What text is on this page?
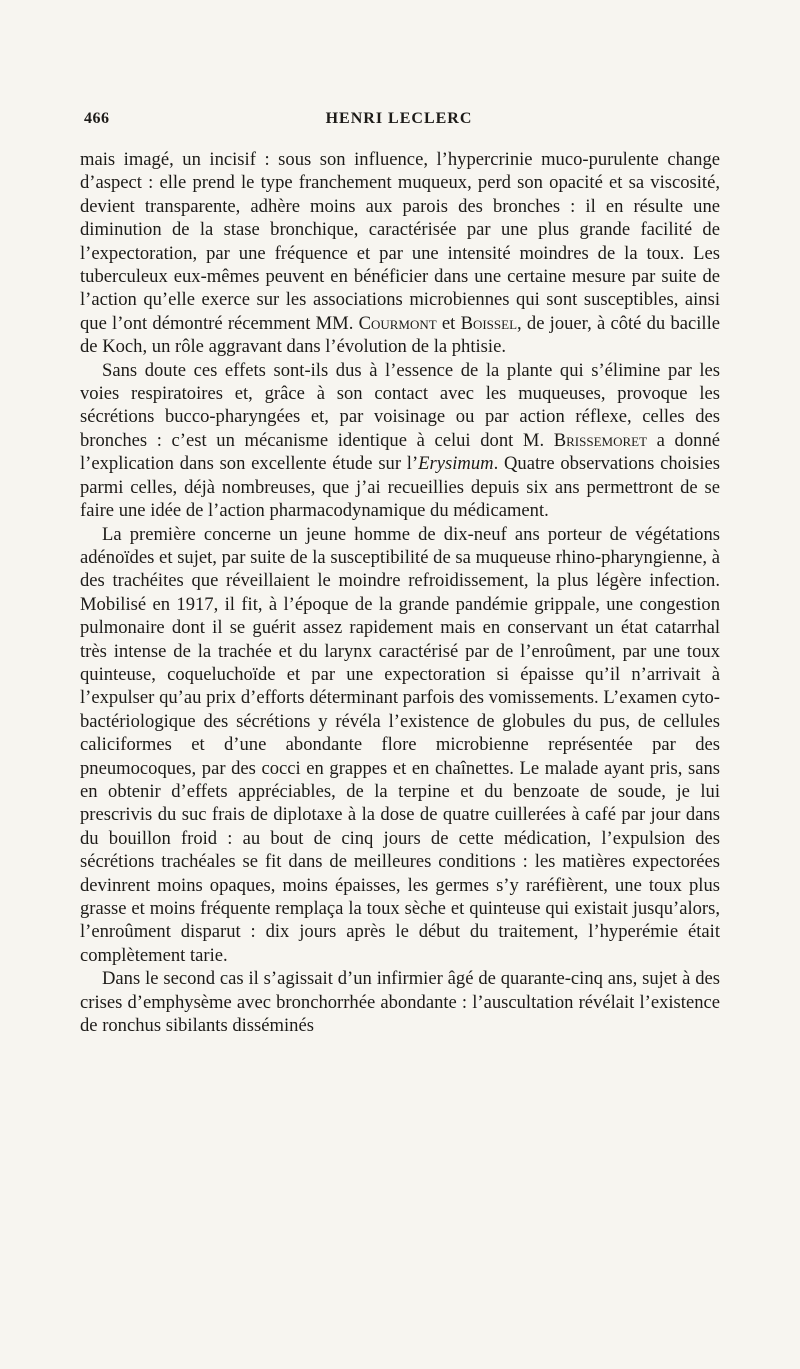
466	HENRI LECLERC

mais imagé, un incisif : sous son influence, l’hypercrinie muco-purulente change d’aspect : elle prend le type franchement muqueux, perd son opacité et sa viscosité, devient transparente, adhère moins aux parois des bronches : il en résulte une diminution de la stase bronchique, caractérisée par une plus grande facilité de l’expectoration, par une fréquence et par une intensité moindres de la toux. Les tuberculeux eux-mêmes peuvent en bénéficier dans une certaine mesure par suite de l’action qu’elle exerce sur les associations microbiennes qui sont susceptibles, ainsi que l’ont démontré récemment MM. Courmont et Boissel, de jouer, à côté du bacille de Koch, un rôle aggravant dans l’évolution de la phtisie.

Sans doute ces effets sont-ils dus à l’essence de la plante qui s’élimine par les voies respiratoires et, grâce à son contact avec les muqueuses, provoque les sécrétions bucco-pharyngées et, par voisinage ou par action réflexe, celles des bronches : c’est un mécanisme identique à celui dont M. Brissemoret a donné l’explication dans son excellente étude sur l’Erysimum. Quatre observations choisies parmi celles, déjà nombreuses, que j’ai recueillies depuis six ans permettront de se faire une idée de l’action pharmacodynamique du médicament.

La première concerne un jeune homme de dix-neuf ans porteur de végétations adénoïdes et sujet, par suite de la susceptibilité de sa muqueuse rhino-pharyngienne, à des trachéites que réveillaient le moindre refroidissement, la plus légère infection. Mobilisé en 1917, il fit, à l’époque de la grande pandémie grippale, une congestion pulmonaire dont il se guérit assez rapidement mais en conservant un état catarrhal très intense de la trachée et du larynx caractérisé par de l’enroûment, par une toux quinteuse, coqueluchoïde et par une expectoration si épaisse qu’il n’arrivait à l’expulser qu’au prix d’efforts déterminant parfois des vomissements. L’examen cyto-bactériologique des sécrétions y révéla l’existence de globules du pus, de cellules caliciformes et d’une abondante flore microbienne représentée par des pneumocoques, par des cocci en grappes et en chaînettes. Le malade ayant pris, sans en obtenir d’effets appréciables, de la terpine et du benzoate de soude, je lui prescrivis du suc frais de diplotaxe à la dose de quatre cuillerées à café par jour dans du bouillon froid : au bout de cinq jours de cette médication, l’expulsion des sécrétions trachéales se fit dans de meilleures conditions : les matières expectorées devinrent moins opaques, moins épaisses, les germes s’y raréfièrent, une toux plus grasse et moins fréquente remplaça la toux sèche et quinteuse qui existait jusqu’alors, l’enroûment disparut : dix jours après le début du traitement, l’hyperémie était complètement tarie.

Dans le second cas il s’agissait d’un infirmier âgé de quarante-cinq ans, sujet à des crises d’emphysème avec bronchorrhée abondante : l’auscultation révélait l’existence de ronchus sibilants disséminés
